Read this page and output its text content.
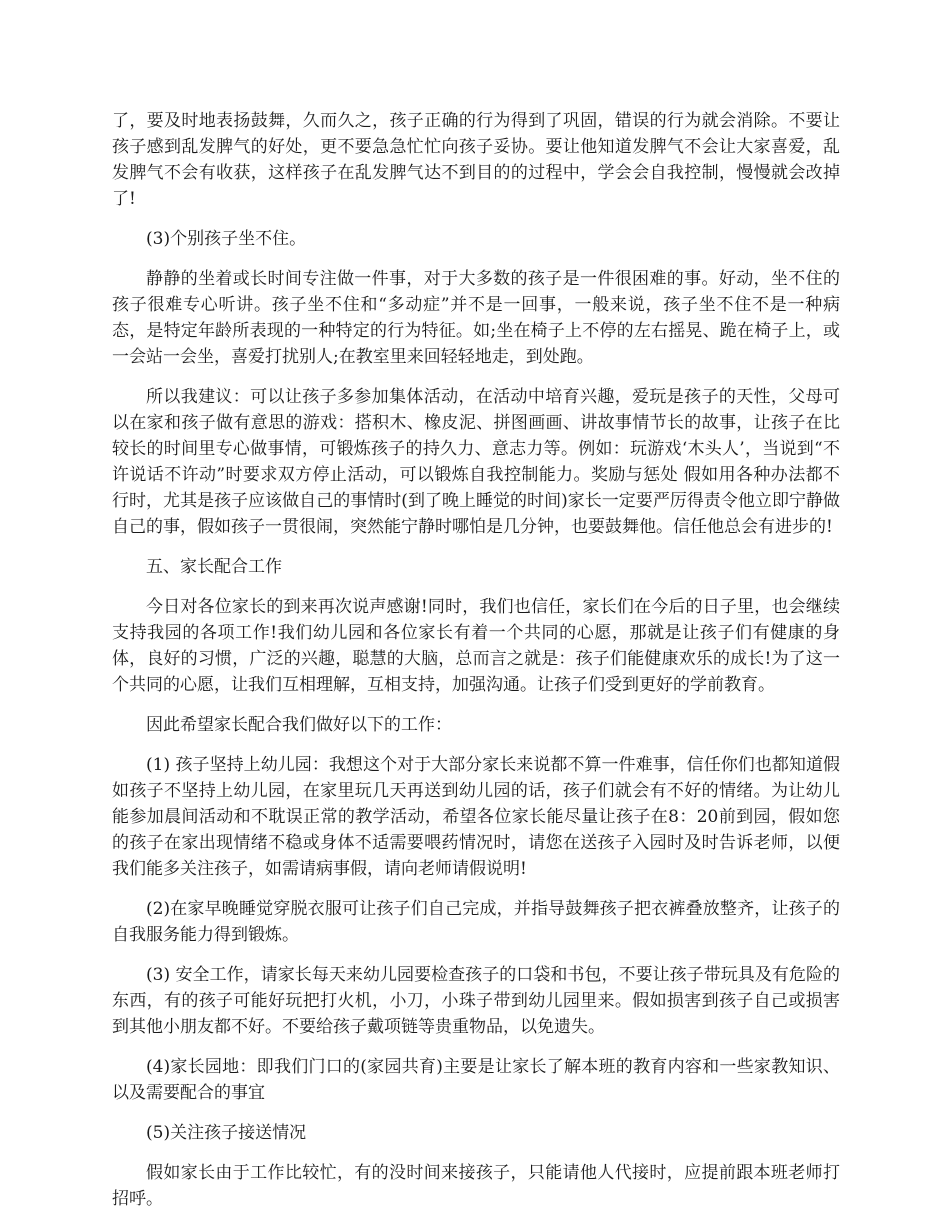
了，要及时地表扬鼓舞，久而久之，孩子正确的行为得到了巩固，错误的行为就会消除。不要让孩子感到乱发脾气的好处，更不要急急忙忙向孩子妥协。要让他知道发脾气不会让大家喜爱，乱发脾气不会有收获，这样孩子在乱发脾气达不到目的的过程中，学会会自我控制，慢慢就会改掉了!

(3)个别孩子坐不住。

静静的坐着或长时间专注做一件事，对于大多数的孩子是一件很困难的事。好动，坐不住的孩子很难专心听讲。孩子坐不住和“多动症”并不是一回事，一般来说，孩子坐不住不是一种病态，是特定年龄所表现的一种特定的行为特征。如;坐在椅子上不停的左右摇晃、跪在椅子上，或一会站一会坐，喜爱打扰别人;在教室里来回轻轻地走，到处跑。

所以我建议：可以让孩子多参加集体活动，在活动中培育兴趣，爱玩是孩子的天性，父母可以在家和孩子做有意思的游戏：搭积木、橡皮泥、拼图画画、讲故事情节长的故事，让孩子在比较长的时间里专心做事情，可锻炼孩子的持久力、意志力等。例如：玩游戏‘木头人’，当说到“不许说话不许动”时要求双方停止活动，可以锻炼自我控制能力。奖励与惩处 假如用各种办法都不行时，尤其是孩子应该做自己的事情时(到了晚上睡觉的时间)家长一定要严厉得责令他立即宁静做自己的事，假如孩子一贯很闹，突然能宁静时哪怕是几分钟，也要鼓舞他。信任他总会有进步的!

五、家长配合工作

今日对各位家长的到来再次说声感谢!同时，我们也信任，家长们在今后的日子里，也会继续支持我园的各项工作!我们幼儿园和各位家长有着一个共同的心愿，那就是让孩子们有健康的身体，良好的习惯，广泛的兴趣，聪慧的大脑，总而言之就是：孩子们能健康欢乐的成长!为了这一个共同的心愿，让我们互相理解，互相支持，加强沟通。让孩子们受到更好的学前教育。

因此希望家长配合我们做好以下的工作：

(1) 孩子坚持上幼儿园：我想这个对于大部分家长来说都不算一件难事，信任你们也都知道假如孩子不坚持上幼儿园，在家里玩几天再送到幼儿园的话，孩子们就会有不好的情绪。为让幼儿能参加晨间活动和不耽误正常的教学活动，希望各位家长能尽量让孩子在8：20前到园，假如您的孩子在家出现情绪不稳或身体不适需要喂药情况时，请您在送孩子入园时及时告诉老师，以便我们能多关注孩子，如需请病事假，请向老师请假说明!

(2)在家早晚睡觉穿脱衣服可让孩子们自己完成，并指导鼓舞孩子把衣裤叠放整齐，让孩子的自我服务能力得到锻炼。

(3) 安全工作，请家长每天来幼儿园要检查孩子的口袋和书包，不要让孩子带玩具及有危险的东西，有的孩子可能好玩把打火机，小刀，小珠子带到幼儿园里来。假如损害到孩子自己或损害到其他小朋友都不好。不要给孩子戴项链等贵重物品，以免遗失。

(4)家长园地：即我们门口的(家园共育)主要是让家长了解本班的教育内容和一些家教知识、以及需要配合的事宜

(5)关注孩子接送情况

假如家长由于工作比较忙，有的没时间来接孩子，只能请他人代接时，应提前跟本班老师打招呼。
